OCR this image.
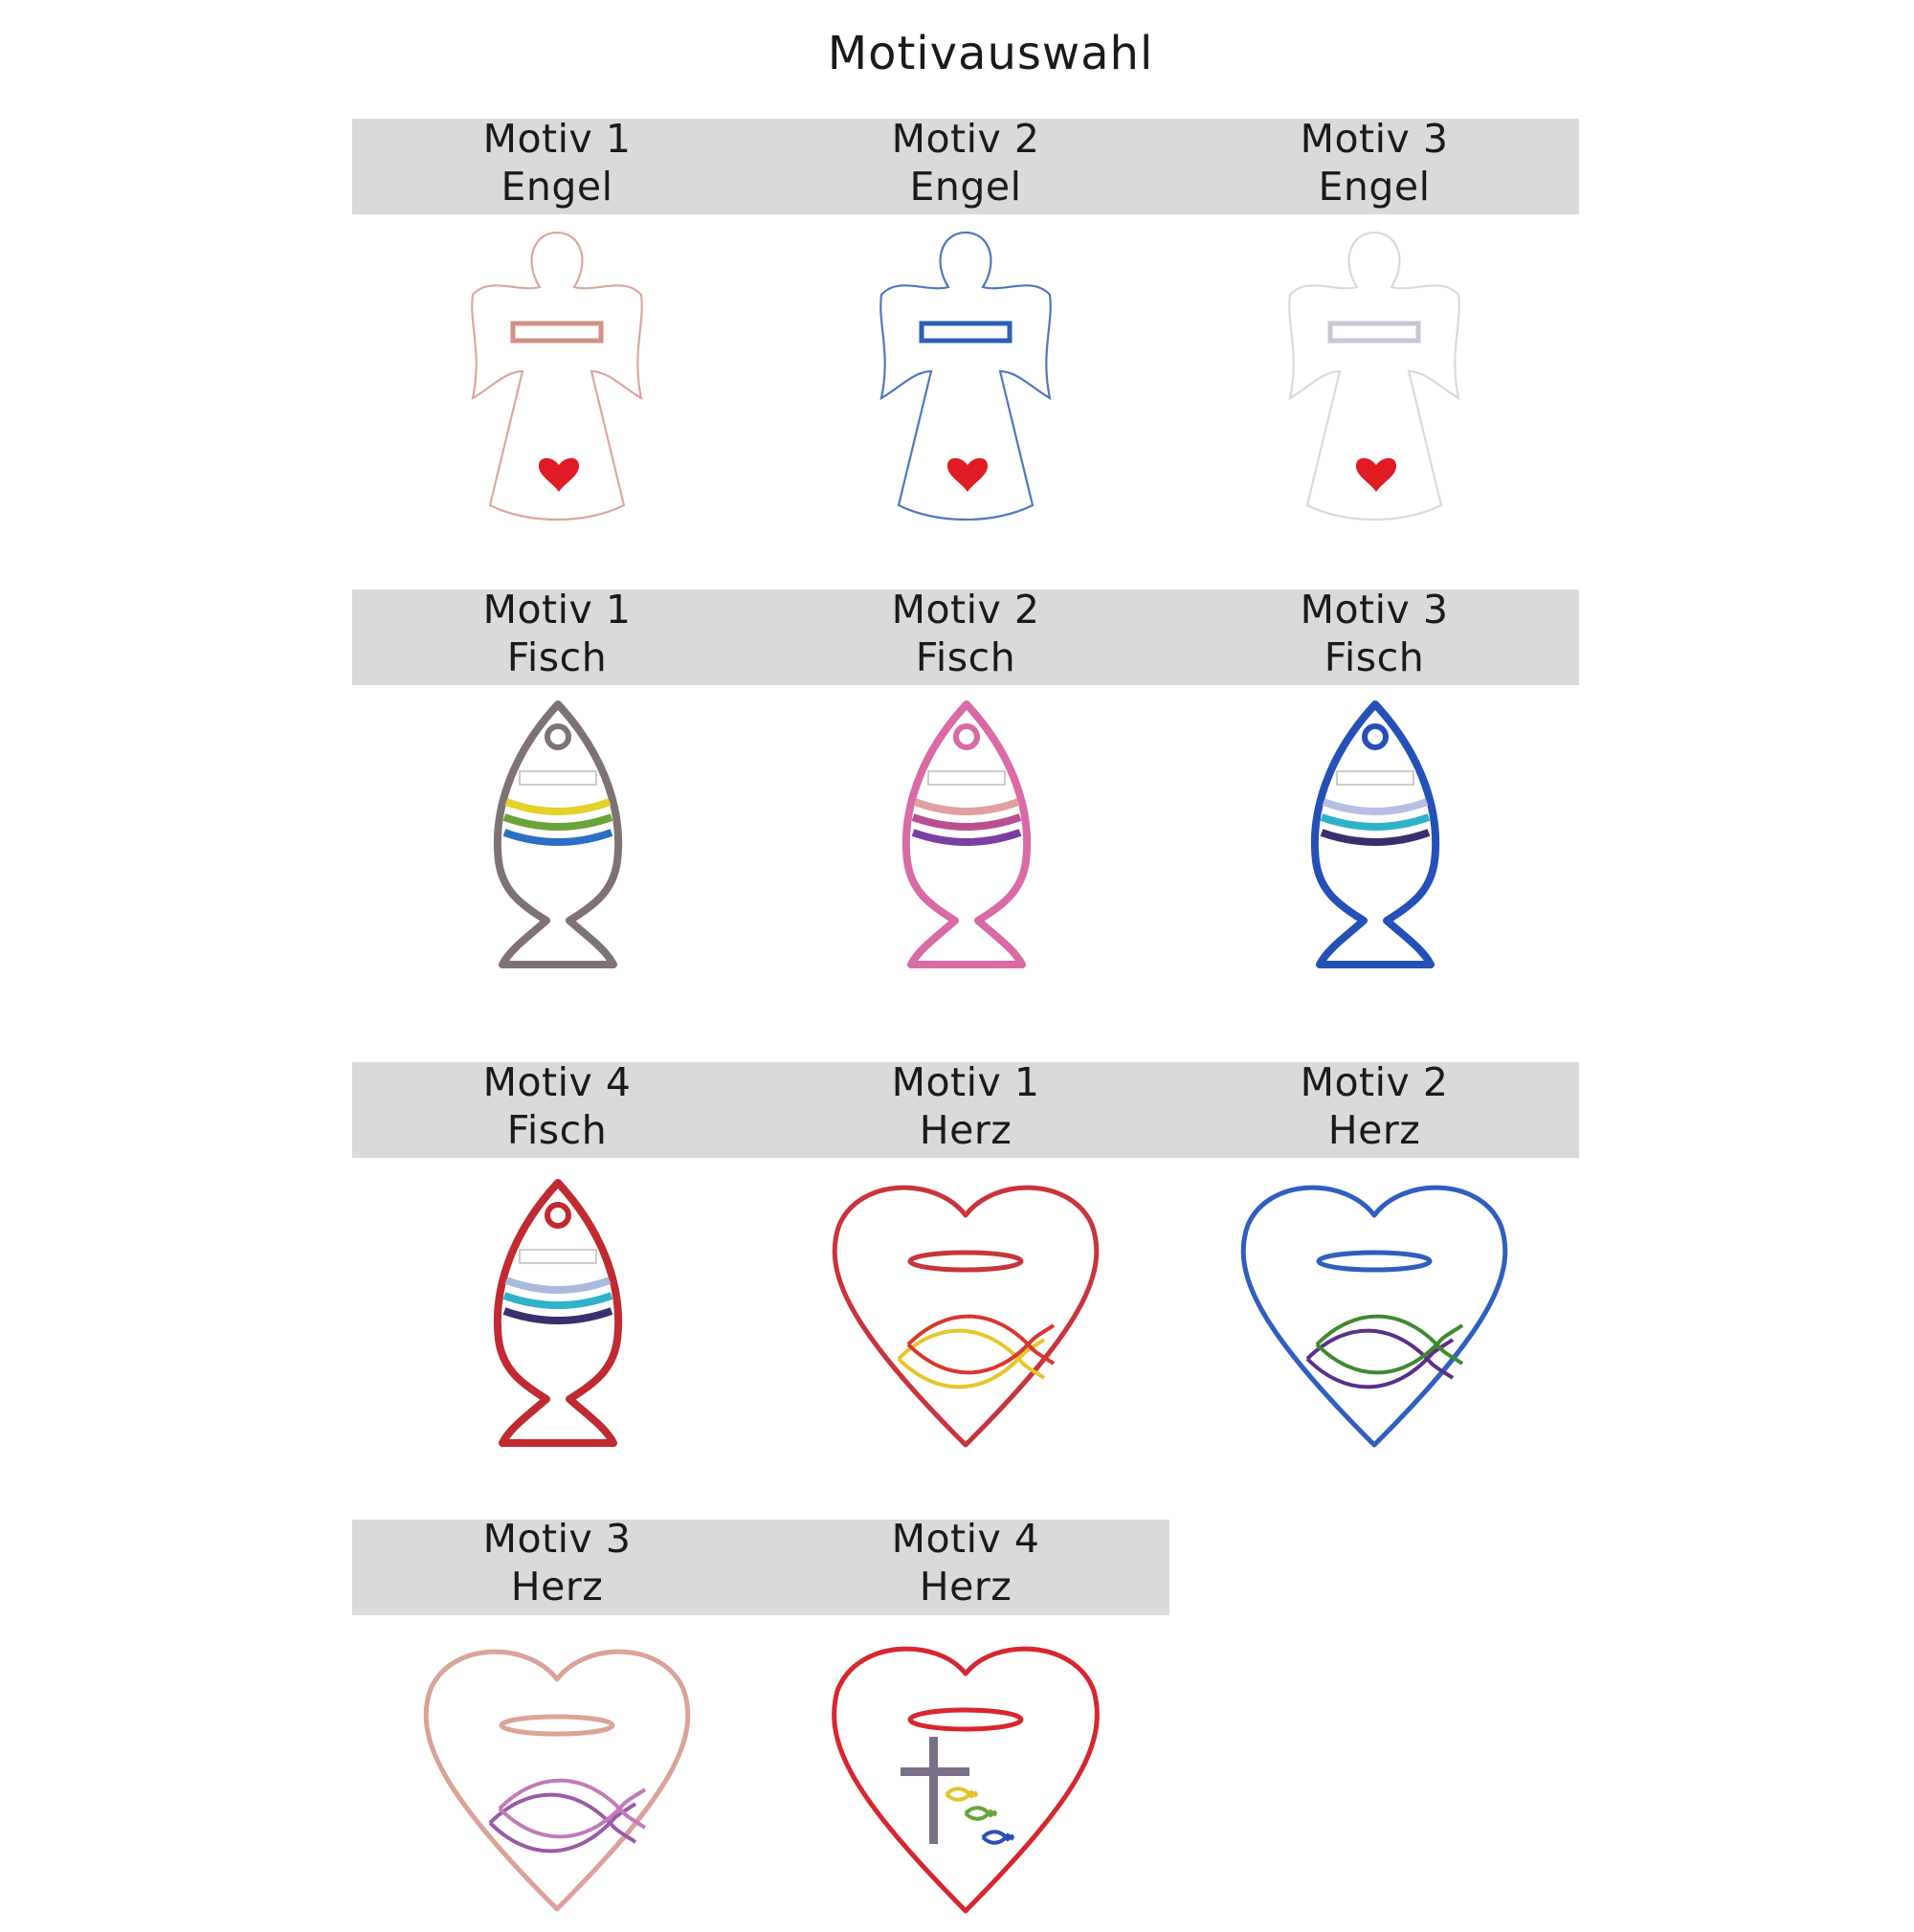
Motivauswahl
Motiv 1
Engel
Motiv 2
Engel
Motiv 3
Engel
Motiv 1
Fisch
Motiv 2
Fisch
Motiv 3
Fisch
Motiv 4
Fisch
Motiv 1
Herz
Motiv 2
Herz
Motiv 3
Herz
Motiv 4
Herz
